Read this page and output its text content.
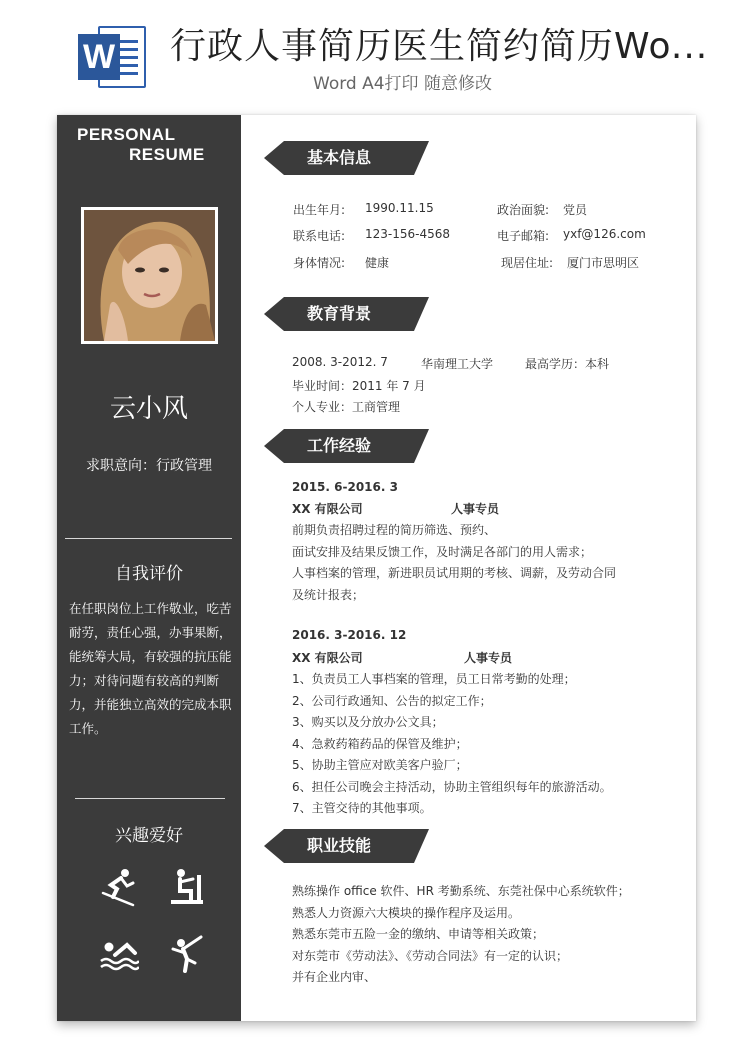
W 行政人事简历医生简约简历Wo...
Word A4打印 随意修改
PERSONAL
RESUME
云小风
求职意向：行政管理
自我评价
在任职岗位上工作敬业，吃苦耐劳，责任心强，办事果断，能统筹大局，有较强的抗压能力；对待问题有较高的判断力，并能独立高效的完成本职工作。
兴趣爱好
基本信息
出生年月: 1990.11.15	政治面貌: 党员
联系电话: 123-156-4568	电子邮箱: yxf@126.com
身体情况: 健康	现居住址: 厦门市思明区
教育背景
2008. 3-2012. 7	华南理工大学	最高学历：本科
毕业时间：2011 年 7 月
个人专业：工商管理
工作经验
2015. 6-2016. 3
XX 有限公司	人事专员
前期负责招聘过程的简历筛选、预约、
面试安排及结果反馈工作，及时满足各部门的用人需求；
人事档案的管理，新进职员试用期的考核、调薪，及劳动合同
及统计报表；
2016. 3-2016. 12
XX 有限公司	人事专员
1、负责员工人事档案的管理，员工日常考勤的处理；
2、公司行政通知、公告的拟定工作；
3、购买以及分放办公文具；
4、急救药箱药品的保管及维护；
5、协助主管应对欧美客户验厂；
6、担任公司晚会主持活动，协助主管组织每年的旅游活动。
7、主管交待的其他事项。
职业技能
熟练操作 office 软件、HR 考勤系统、东莞社保中心系统软件；
熟悉人力资源六大模块的操作程序及运用。
熟悉东莞市五险一金的缴纳、申请等相关政策；
对东莞市《劳动法》、《劳动合同法》有一定的认识；
并有企业内审、
